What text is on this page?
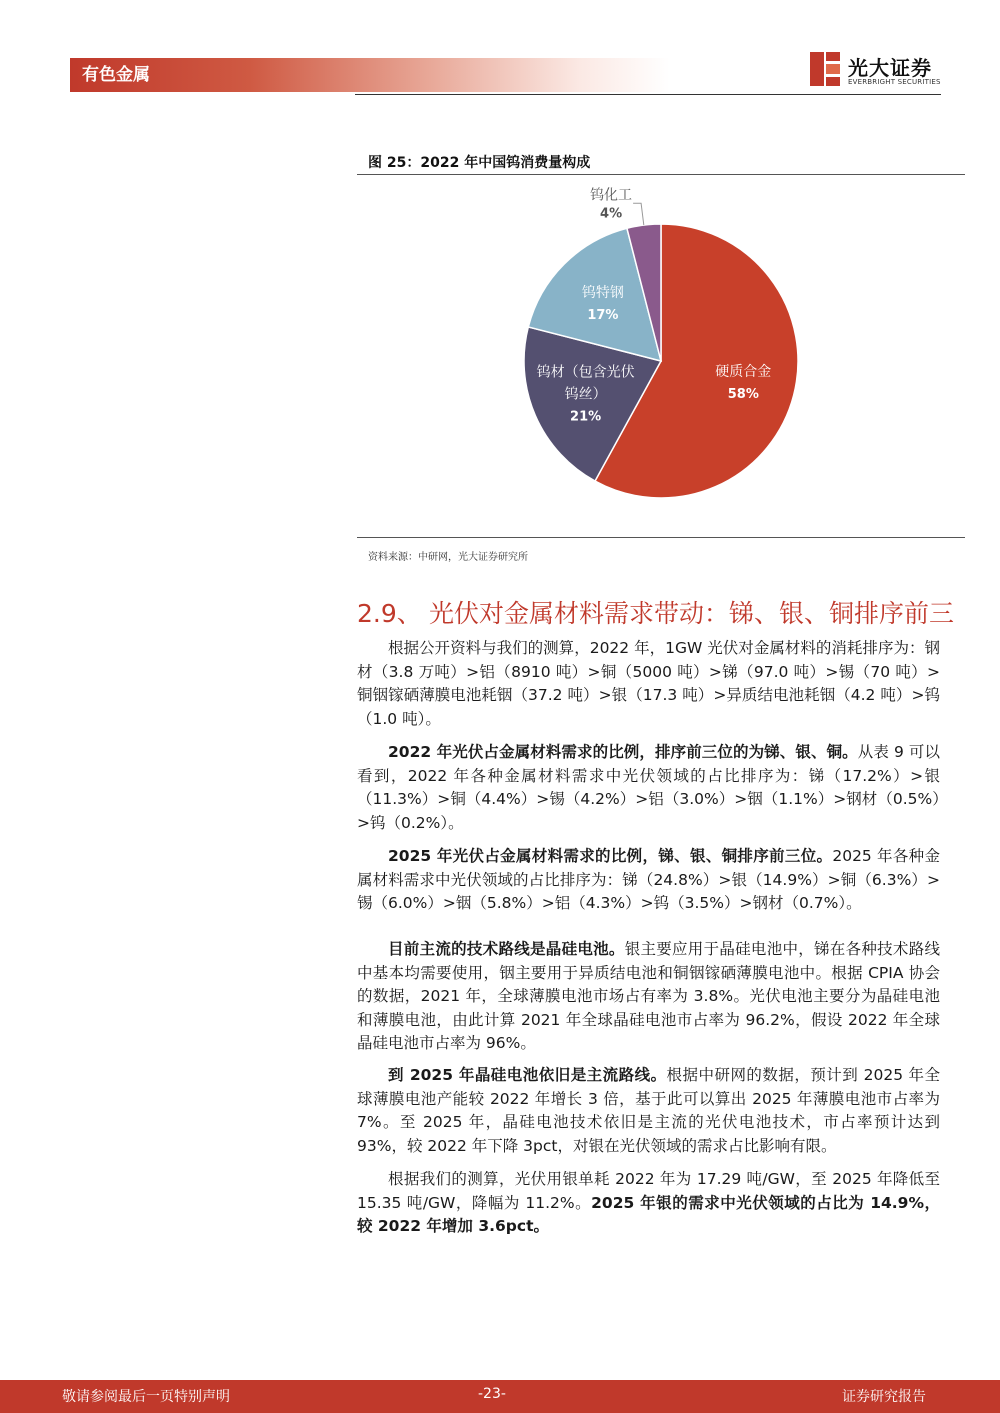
有色金属	光大证券
EVERBRIGHT SECURITIES
图 25：2022 年中国钨消费量构成
硬质合金
58%
钨材（包含光伏
钨丝）
21%
钨特钢
17%
钨化工
4%
资料来源：中研网，光大证券研究所
2.9、 光伏对金属材料需求带动：锑、银、铜排序前三
根据公开资料与我们的测算，2022 年，1GW 光伏对金属材料的消耗排序为：钢材（3.8 万吨）>铝（8910 吨）>铜（5000 吨）>锑（97.0 吨）>锡（70 吨）>铜铟镓硒薄膜电池耗铟（37.2 吨）>银（17.3 吨）>异质结电池耗铟（4.2 吨）>钨（1.0 吨）。
2022 年光伏占金属材料需求的比例，排序前三位的为锑、银、铜。从表 9 可以看到，2022 年各种金属材料需求中光伏领域的占比排序为：锑（17.2%）>银（11.3%）>铜（4.4%）>锡（4.2%）>铝（3.0%）>铟（1.1%）>钢材（0.5%）>钨（0.2%）。
2025 年光伏占金属材料需求的比例，锑、银、铜排序前三位。2025 年各种金属材料需求中光伏领域的占比排序为：锑（24.8%）>银（14.9%）>铜（6.3%）>锡（6.0%）>铟（5.8%）>铝（4.3%）>钨（3.5%）>钢材（0.7%）。
目前主流的技术路线是晶硅电池。银主要应用于晶硅电池中，锑在各种技术路线中基本均需要使用，铟主要用于异质结电池和铜铟镓硒薄膜电池中。根据 CPIA 协会的数据，2021 年，全球薄膜电池市场占有率为 3.8%。光伏电池主要分为晶硅电池和薄膜电池，由此计算 2021 年全球晶硅电池市占率为 96.2%，假设 2022 年全球晶硅电池市占率为 96%。
到 2025 年晶硅电池依旧是主流路线。根据中研网的数据，预计到 2025 年全球薄膜电池产能较 2022 年增长 3 倍，基于此可以算出 2025 年薄膜电池市占率为 7%。至 2025 年，晶硅电池技术依旧是主流的光伏电池技术，市占率预计达到 93%，较 2022 年下降 3pct，对银在光伏领域的需求占比影响有限。
根据我们的测算，光伏用银单耗 2022 年为 17.29 吨/GW，至 2025 年降低至 15.35 吨/GW，降幅为 11.2%。2025 年银的需求中光伏领域的占比为 14.9%，较 2022 年增加 3.6pct。
敬请参阅最后一页特别声明	-23-	证券研究报告
